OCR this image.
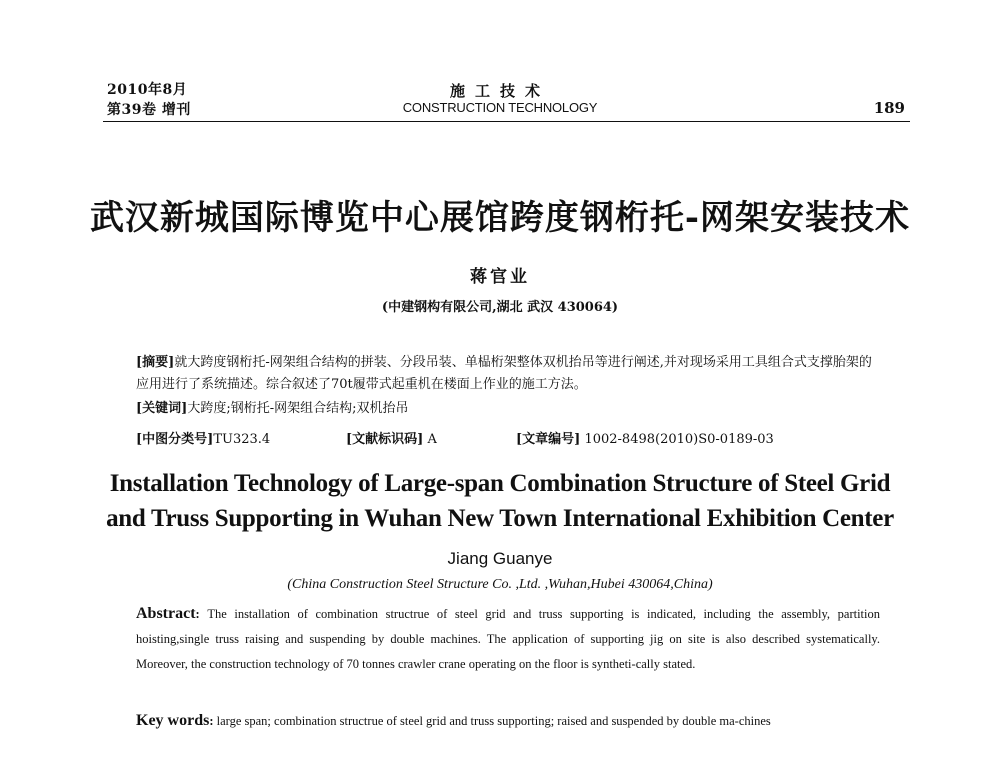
2010年8月
第39卷 增刊
施工技术
CONSTRUCTION TECHNOLOGY	189
武汉新城国际博览中心展馆跨度钢桁托-网架安装技术
蒋官业
(中建钢构有限公司,湖北 武汉 430064)
[摘要]就大跨度钢桁托-网架组合结构的拼装、分段吊装、单榀桁架整体双机抬吊等进行阐述,并对现场采用工具组合式支撑胎架的应用进行了系统描述。综合叙述了70t履带式起重机在楼面上作业的施工方法。
[关键词]大跨度;钢桁托-网架组合结构;双机抬吊
[中图分类号]TU323.4	[文献标识码] A	[文章编号] 1002-8498(2010)S0-0189-03
Installation Technology of Large-span Combination Structure of Steel Grid
and Truss Supporting in Wuhan New Town International Exhibition Center
Jiang Guanye
(China Construction Steel Structure Co. ,Ltd. ,Wuhan,Hubei 430064,China)
Abstract: The installation of combination structrue of steel grid and truss supporting is indicated, including the assembly, partition hoisting,single truss raising and suspending by double machines. The application of supporting jig on site is also described systematically. Moreover, the construction technology of 70 tonnes crawler crane operating on the floor is syntheti-cally stated.
Key words: large span; combination structrue of steel grid and truss supporting; raised and suspended by double ma-chines
